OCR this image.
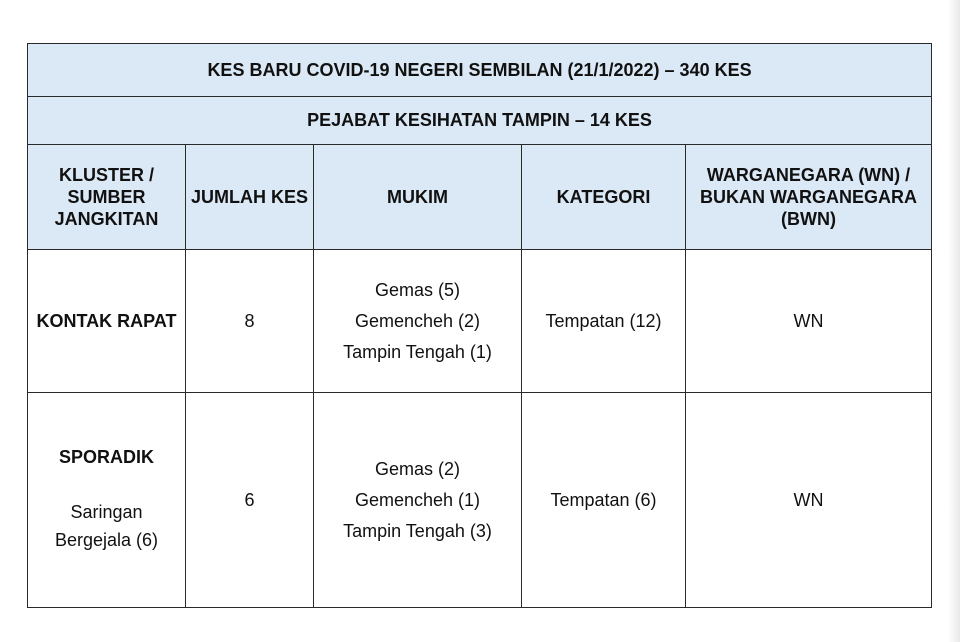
KES BARU COVID-19 NEGERI SEMBILAN (21/1/2022) – 340 KES				
PEJABAT KESIHATAN TAMPIN – 14 KES				
KLUSTER / SUMBER JANGKITAN	JUMLAH KES	MUKIM	KATEGORI	WARGANEGARA (WN) / BUKAN WARGANEGARA (BWN)

KONTAK RAPAT	8	Gemas (5)
Gemencheh (2)
Tampin Tengah (1)	Tempatan (12)	WN

SPORADIK
Saringan Bergejala (6)	6	Gemas (2)
Gemencheh (1)
Tampin Tengah (3)	Tempatan (6)	WN
